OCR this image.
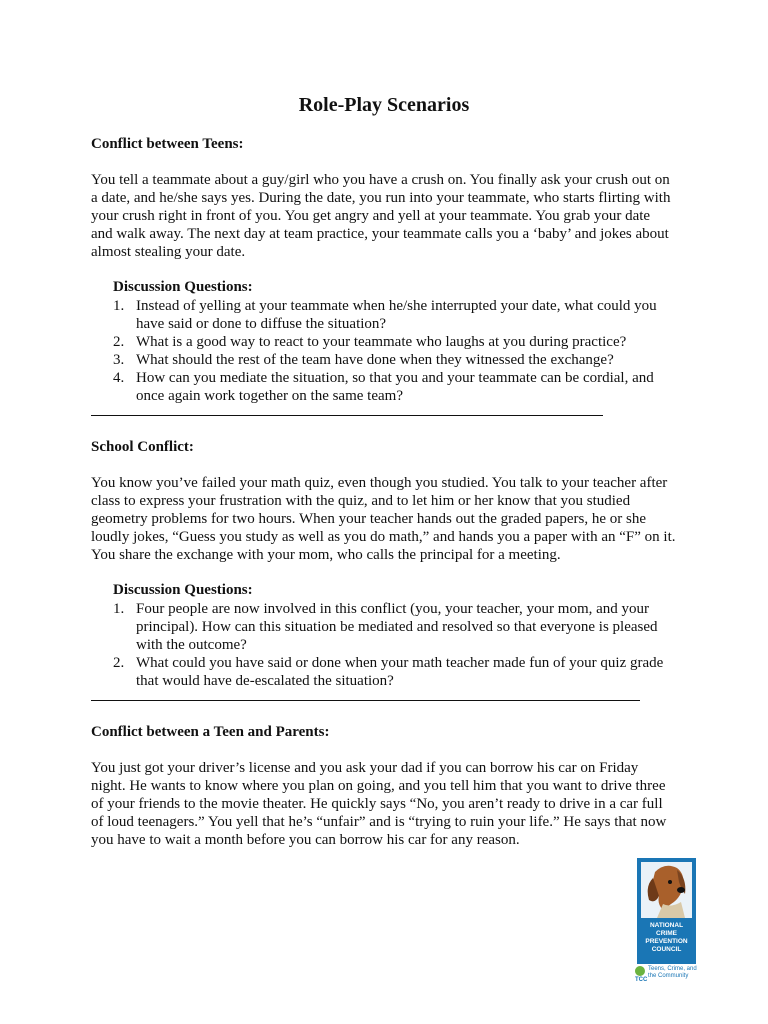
Role-Play Scenarios
Conflict between Teens:

You tell a teammate about a guy/girl who you have a crush on. You finally ask your crush out on
a date, and he/she says yes. During the date, you run into your teammate, who starts flirting with
your crush right in front of you. You get angry and yell at your teammate. You grab your date
and walk away. The next day at team practice, your teammate calls you a ‘baby’ and jokes about
almost stealing your date.

Discussion Questions:
1. Instead of yelling at your teammate when he/she interrupted your date, what could you
have said or done to diffuse the situation?
2. What is a good way to react to your teammate who laughs at you during practice?
3. What should the rest of the team have done when they witnessed the exchange?
4. How can you mediate the situation, so that you and your teammate can be cordial, and
once again work together on the same team?
School Conflict:

You know you’ve failed your math quiz, even though you studied. You talk to your teacher after
class to express your frustration with the quiz, and to let him or her know that you studied
geometry problems for two hours. When your teacher hands out the graded papers, he or she
loudly jokes, “Guess you study as well as you do math,” and hands you a paper with an “F” on it.
You share the exchange with your mom, who calls the principal for a meeting.

Discussion Questions:
1. Four people are now involved in this conflict (you, your teacher, your mom, and your
principal). How can this situation be mediated and resolved so that everyone is pleased
with the outcome?
2. What could you have said or done when your math teacher made fun of your quiz grade
that would have de-escalated the situation?
Conflict between a Teen and Parents:

You just got your driver’s license and you ask your dad if you can borrow his car on Friday
night. He wants to know where you plan on going, and you tell him that you want to drive three
of your friends to the movie theater. He quickly says “No, you aren’t ready to drive in a car full
of loud teenagers.” You yell that he’s “unfair” and is “trying to ruin your life.” He says that now
you have to wait a month before you can borrow his car for any reason.

NATIONAL
CRIME
PREVENTION
COUNCIL
TCC
Teens, Crime, and
the Community
